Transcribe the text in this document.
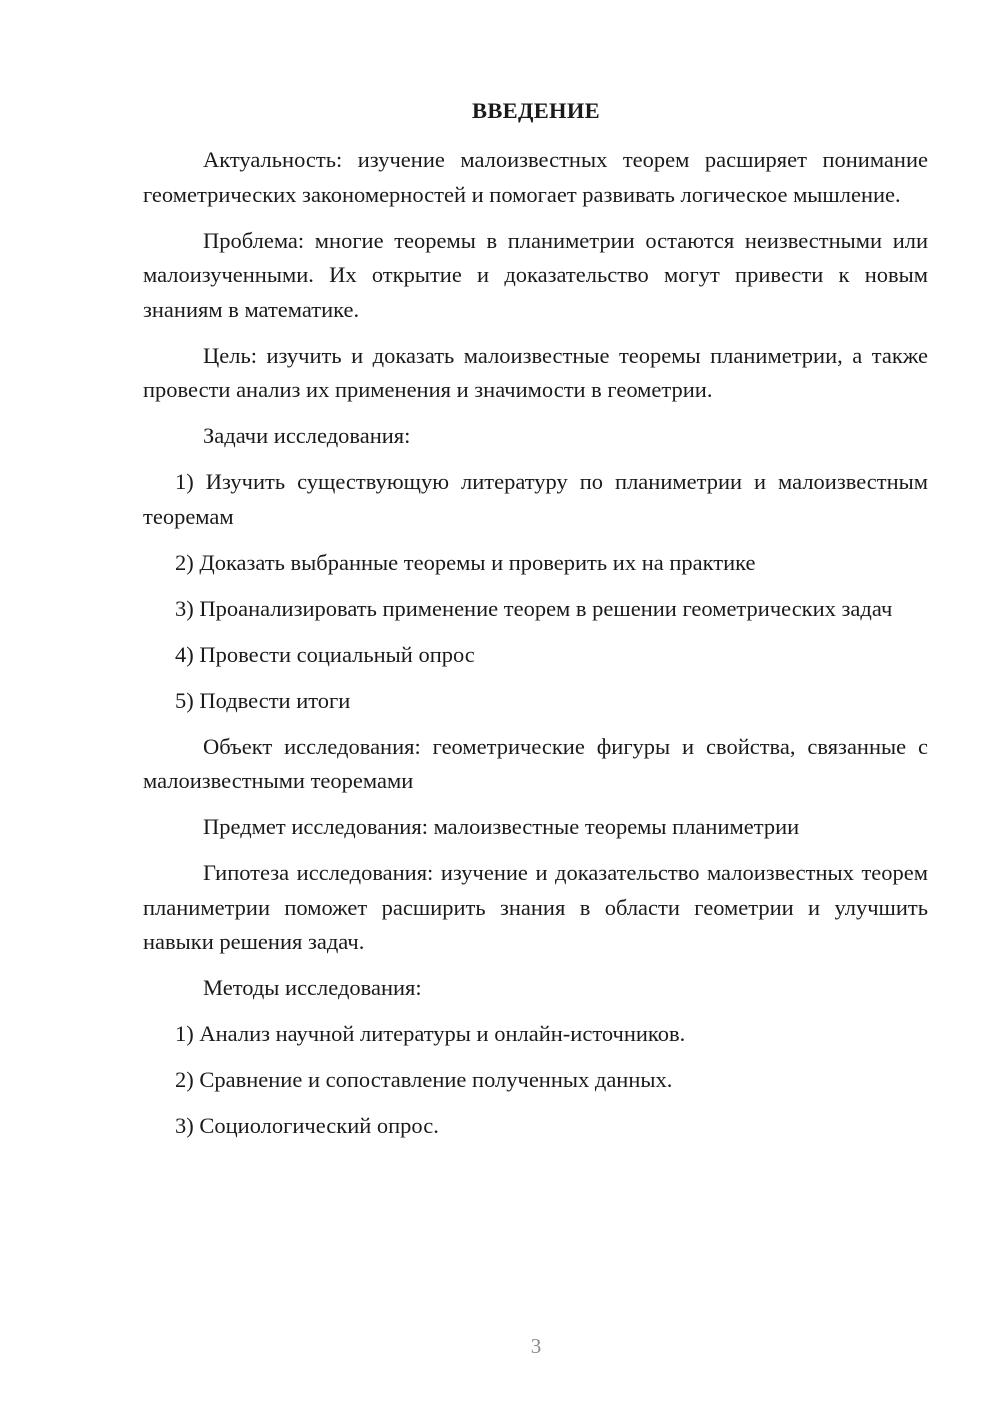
ВВЕДЕНИЕ

Актуальность: изучение малоизвестных теорем расширяет понимание геометрических закономерностей и помогает развивать логическое мышление.

Проблема: многие теоремы в планиметрии остаются неизвестными или малоизученными. Их открытие и доказательство могут привести к новым знаниям в математике.

Цель: изучить и доказать малоизвестные теоремы планиметрии, а также провести анализ их применения и значимости в геометрии.

Задачи исследования:

1) Изучить существующую литературу по планиметрии и малоизвестным теоремам

2) Доказать выбранные теоремы и проверить их на практике

3) Проанализировать применение теорем в решении геометрических задач

4) Провести социальный опрос

5) Подвести итоги

Объект исследования: геометрические фигуры и свойства, связанные с малоизвестными теоремами

Предмет исследования: малоизвестные теоремы планиметрии

Гипотеза исследования: изучение и доказательство малоизвестных теорем планиметрии поможет расширить знания в области геометрии и улучшить навыки решения задач.

Методы исследования:

1) Анализ научной литературы и онлайн-источников.

2) Сравнение и сопоставление полученных данных.

3) Социологический опрос.

3
